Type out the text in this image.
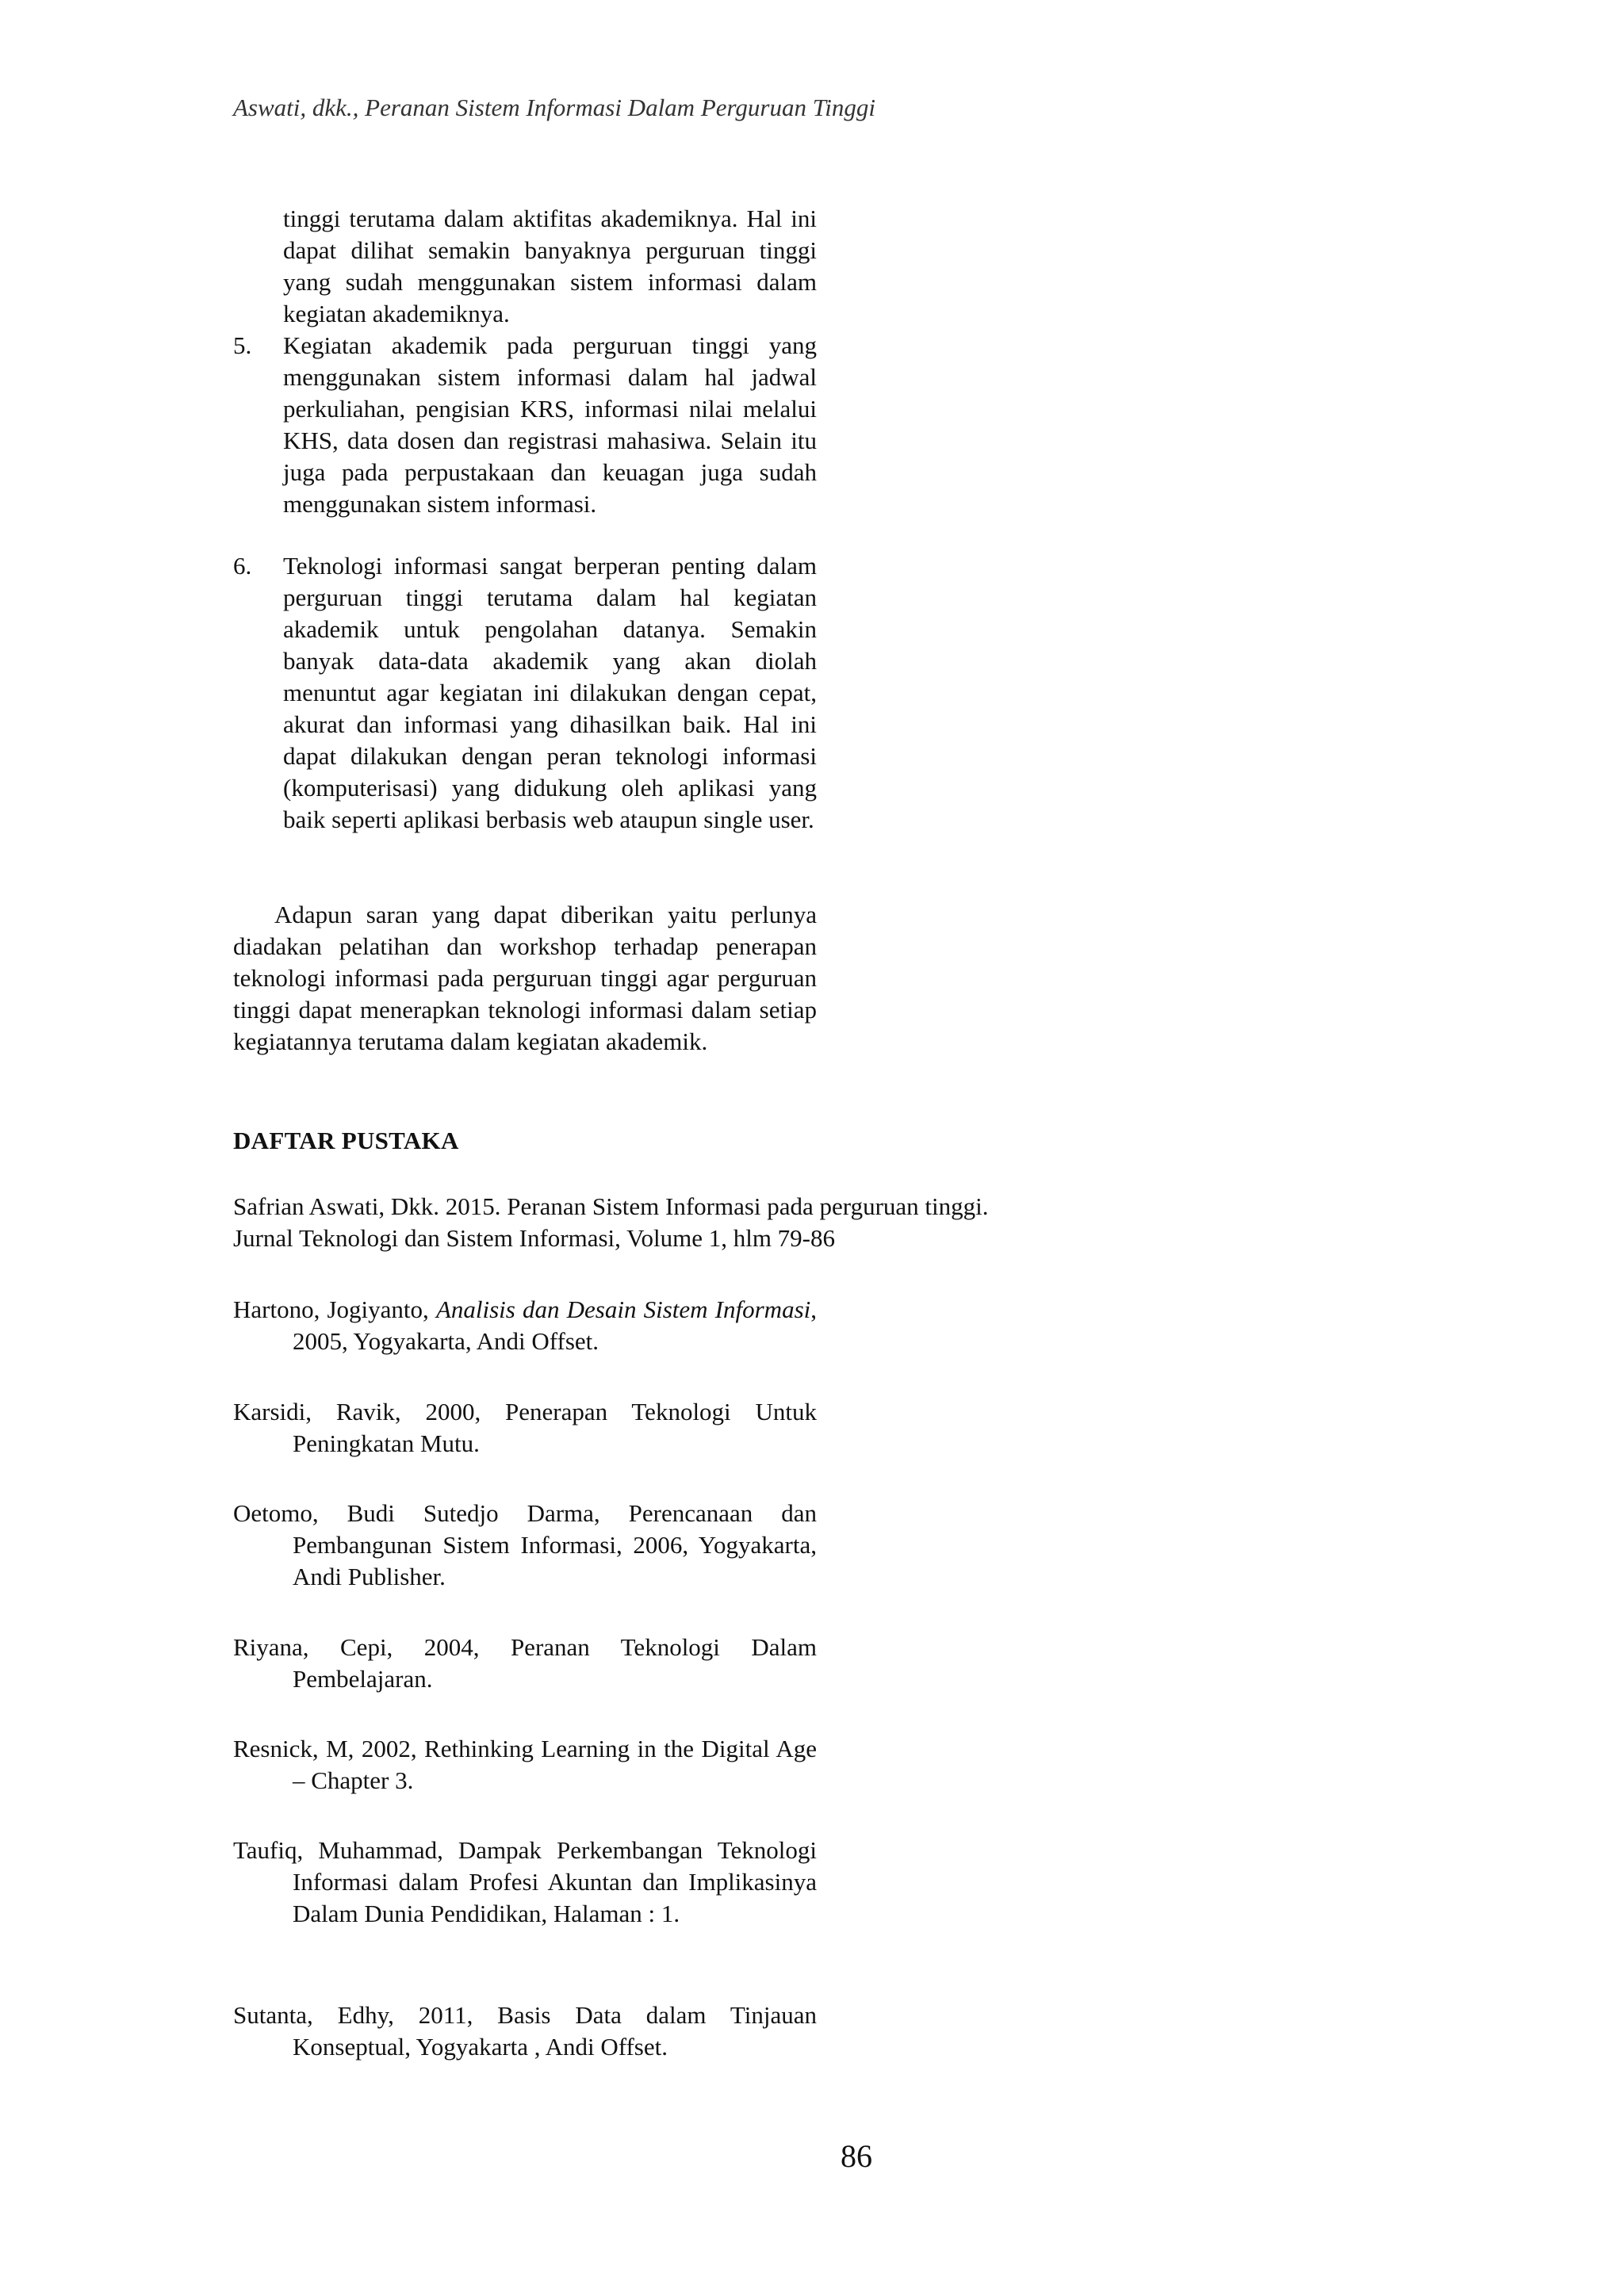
Aswati, dkk., Peranan Sistem Informasi Dalam Perguruan Tinggi
tinggi terutama dalam aktifitas akademiknya. Hal ini dapat dilihat semakin banyaknya perguruan tinggi yang sudah menggunakan sistem informasi dalam kegiatan akademiknya.
5.	Kegiatan akademik pada perguruan tinggi yang menggunakan sistem informasi dalam hal jadwal perkuliahan, pengisian KRS, informasi nilai melalui KHS, data dosen dan registrasi mahasiwa. Selain itu juga pada perpustakaan dan keuagan juga sudah menggunakan sistem informasi.
6.	Teknologi informasi sangat berperan penting dalam perguruan tinggi terutama dalam hal kegiatan akademik untuk pengolahan datanya. Semakin banyak data-data akademik yang akan diolah menuntut agar kegiatan ini dilakukan dengan cepat, akurat dan informasi yang dihasilkan baik. Hal ini dapat dilakukan dengan peran teknologi informasi (komputerisasi) yang didukung oleh aplikasi yang baik seperti aplikasi berbasis web ataupun single user.
Adapun saran yang dapat diberikan yaitu perlunya diadakan pelatihan dan workshop terhadap penerapan teknologi informasi pada perguruan tinggi agar perguruan tinggi dapat menerapkan teknologi informasi dalam setiap kegiatannya terutama dalam kegiatan akademik.
DAFTAR PUSTAKA
Safrian Aswati, Dkk. 2015. Peranan Sistem Informasi pada perguruan tinggi.
Jurnal Teknologi dan Sistem Informasi, Volume 1, hlm 79-86
Hartono, Jogiyanto, Analisis dan Desain Sistem Informasi, 2005, Yogyakarta, Andi Offset.
Karsidi, Ravik, 2000, Penerapan Teknologi Untuk Peningkatan Mutu.
Oetomo, Budi Sutedjo Darma, Perencanaan dan Pembangunan Sistem Informasi, 2006, Yogyakarta, Andi Publisher.
Riyana, Cepi, 2004, Peranan Teknologi Dalam Pembelajaran.
Resnick, M, 2002, Rethinking Learning in the Digital Age – Chapter 3.
Taufiq, Muhammad, Dampak Perkembangan Teknologi Informasi dalam Profesi Akuntan dan Implikasinya Dalam Dunia Pendidikan, Halaman : 1.
Sutanta, Edhy, 2011, Basis Data dalam Tinjauan Konseptual, Yogyakarta , Andi Offset.
86
